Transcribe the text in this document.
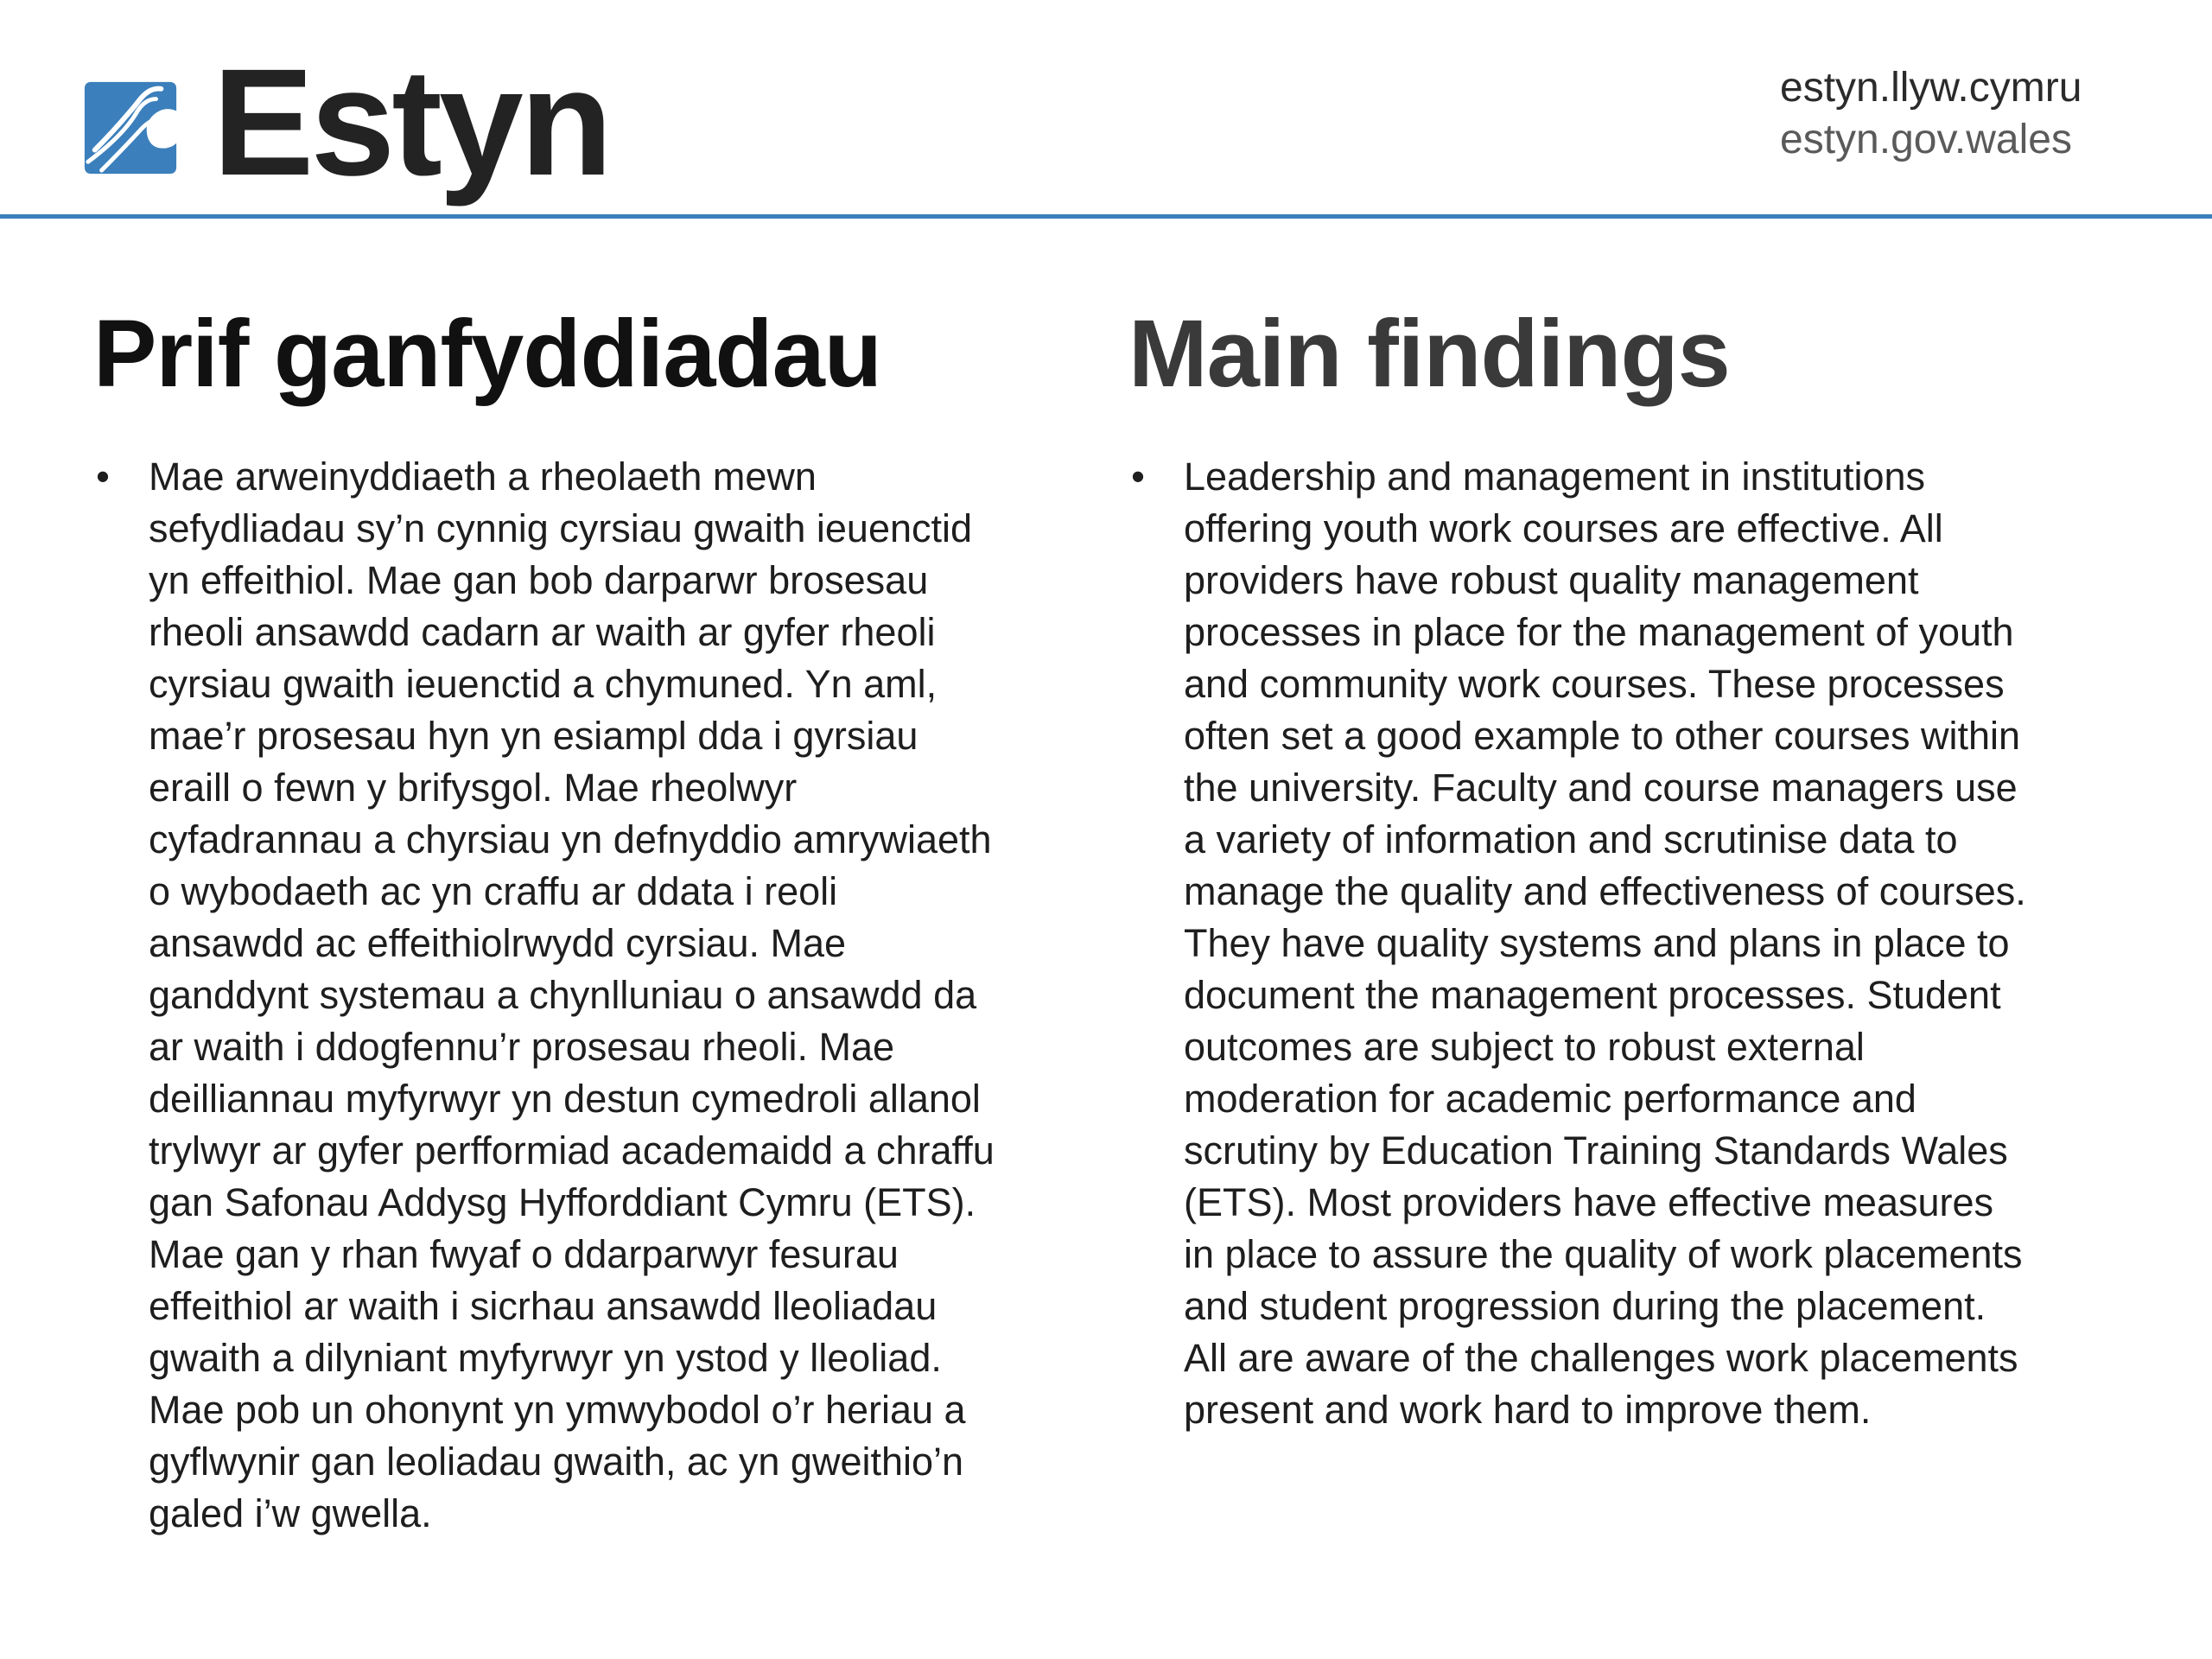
Estyn	estyn.llyw.cymru
estyn.gov.wales
Prif ganfyddiadau
• Mae arweinyddiaeth a rheolaeth mewn
sefydliadau sy’n cynnig cyrsiau gwaith ieuenctid
yn effeithiol. Mae gan bob darparwr brosesau
rheoli ansawdd cadarn ar waith ar gyfer rheoli
cyrsiau gwaith ieuenctid a chymuned. Yn aml,
mae’r prosesau hyn yn esiampl dda i gyrsiau
eraill o fewn y brifysgol. Mae rheolwyr
cyfadrannau a chyrsiau yn defnyddio amrywiaeth
o wybodaeth ac yn craffu ar ddata i reoli
ansawdd ac effeithiolrwydd cyrsiau. Mae
ganddynt systemau a chynlluniau o ansawdd da
ar waith i ddogfennu’r prosesau rheoli. Mae
deilliannau myfyrwyr yn destun cymedroli allanol
trylwyr ar gyfer perfformiad academaidd a chraffu
gan Safonau Addysg Hyfforddiant Cymru (ETS).
Mae gan y rhan fwyaf o ddarparwyr fesurau
effeithiol ar waith i sicrhau ansawdd lleoliadau
gwaith a dilyniant myfyrwyr yn ystod y lleoliad.
Mae pob un ohonynt yn ymwybodol o’r heriau a
gyflwynir gan leoliadau gwaith, ac yn gweithio’n
galed i’w gwella.

Main findings
• Leadership and management in institutions
offering youth work courses are effective. All
providers have robust quality management
processes in place for the management of youth
and community work courses. These processes
often set a good example to other courses within
the university. Faculty and course managers use
a variety of information and scrutinise data to
manage the quality and effectiveness of courses.
They have quality systems and plans in place to
document the management processes. Student
outcomes are subject to robust external
moderation for academic performance and
scrutiny by Education Training Standards Wales
(ETS). Most providers have effective measures
in place to assure the quality of work placements
and student progression during the placement.
All are aware of the challenges work placements
present and work hard to improve them.
